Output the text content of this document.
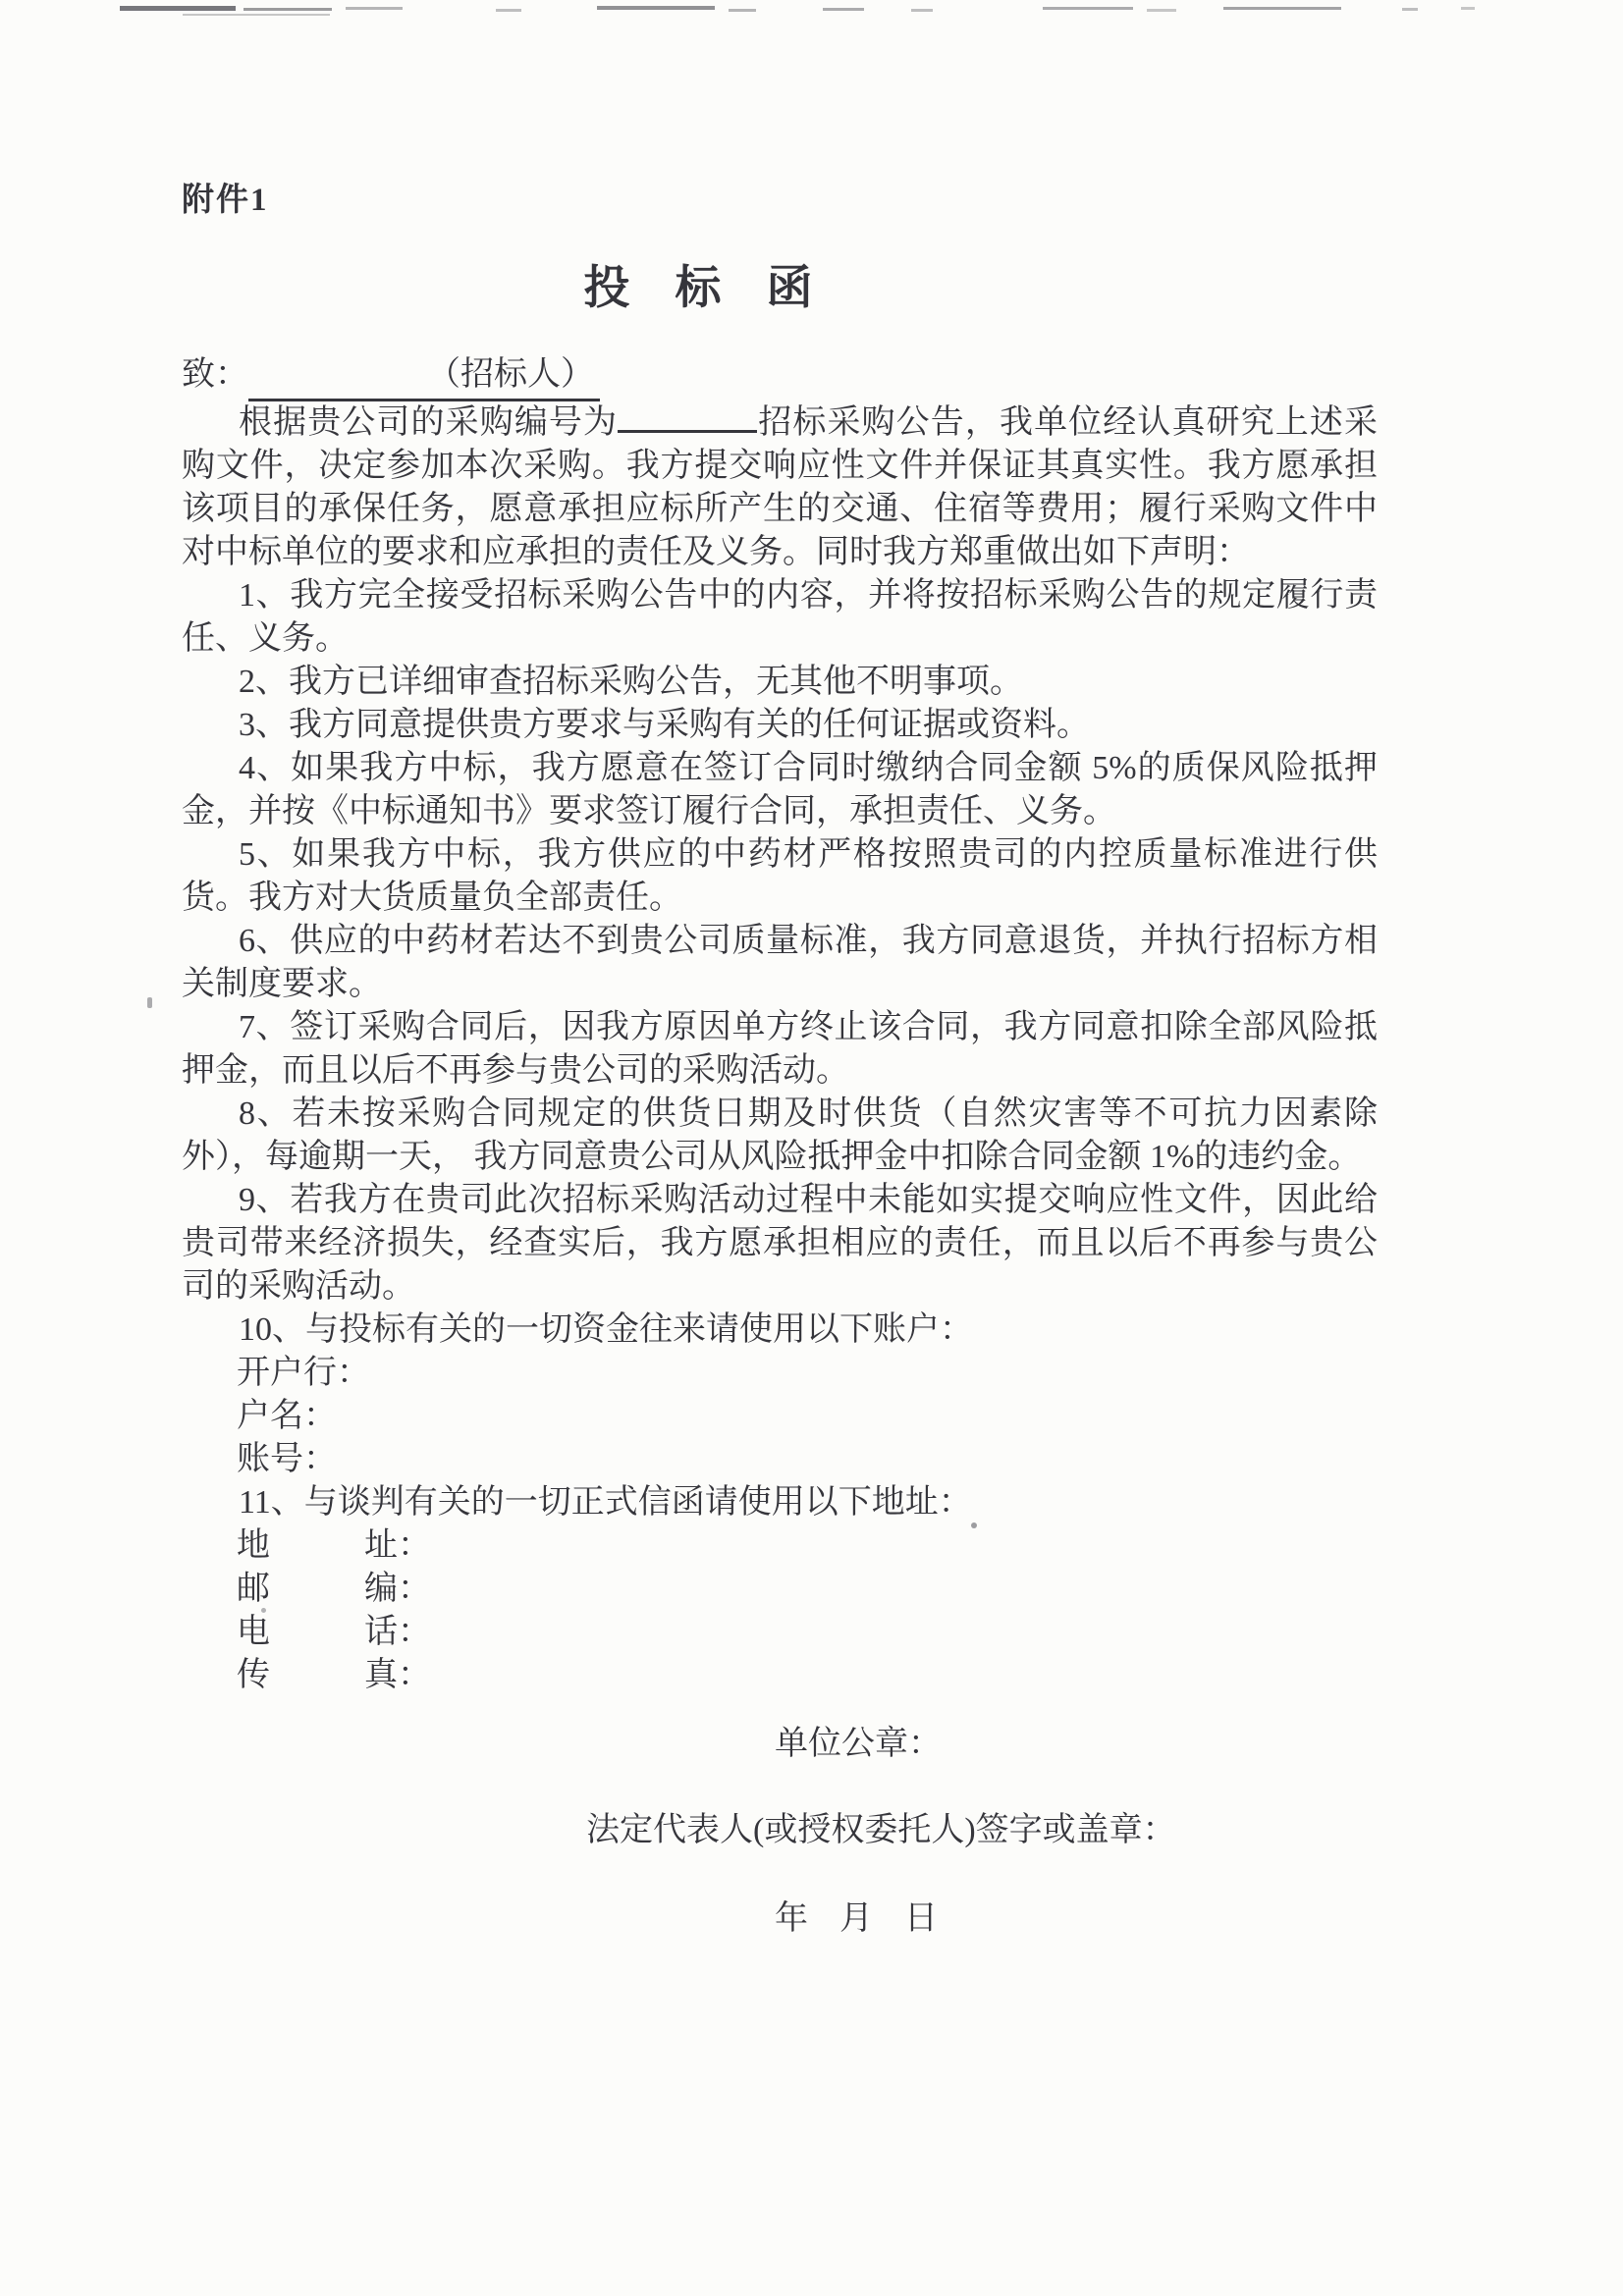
附件1
投标函

致：	（招标人）

根据贵公司的采购编号为	招标采购公告，我单位经认真研究上述采购文件，决定参加本次采购。我方提交响应性文件并保证其真实性。我方愿承担该项目的承保任务，愿意承担应标所产生的交通、住宿等费用；履行采购文件中对中标单位的要求和应承担的责任及义务。同时我方郑重做出如下声明：

1、我方完全接受招标采购公告中的内容，并将按招标采购公告的规定履行责任、义务。

2、我方已详细审查招标采购公告，无其他不明事项。

3、我方同意提供贵方要求与采购有关的任何证据或资料。

4、如果我方中标，我方愿意在签订合同时缴纳合同金额 5%的质保风险抵押金，并按《中标通知书》要求签订履行合同，承担责任、义务。

5、如果我方中标，我方供应的中药材严格按照贵司的内控质量标准进行供货。我方对大货质量负全部责任。

6、供应的中药材若达不到贵公司质量标准，我方同意退货，并执行招标方相关制度要求。

7、签订采购合同后，因我方原因单方终止该合同，我方同意扣除全部风险抵押金，而且以后不再参与贵公司的采购活动。

8、若未按采购合同规定的供货日期及时供货（自然灾害等不可抗力因素除外），每逾期一天， 我方同意贵公司从风险抵押金中扣除合同金额 1%的违约金。

9、若我方在贵司此次招标采购活动过程中未能如实提交响应性文件，因此给贵司带来经济损失，经查实后，我方愿承担相应的责任，而且以后不再参与贵公司的采购活动。

10、与投标有关的一切资金往来请使用以下账户：

开户行：

户名：

账号：

11、与谈判有关的一切正式信函请使用以下地址：

地	址：

邮	编：

电	话：

传	真：

单位公章：

法定代表人(或授权委托人)签字或盖章：

年 月 日
